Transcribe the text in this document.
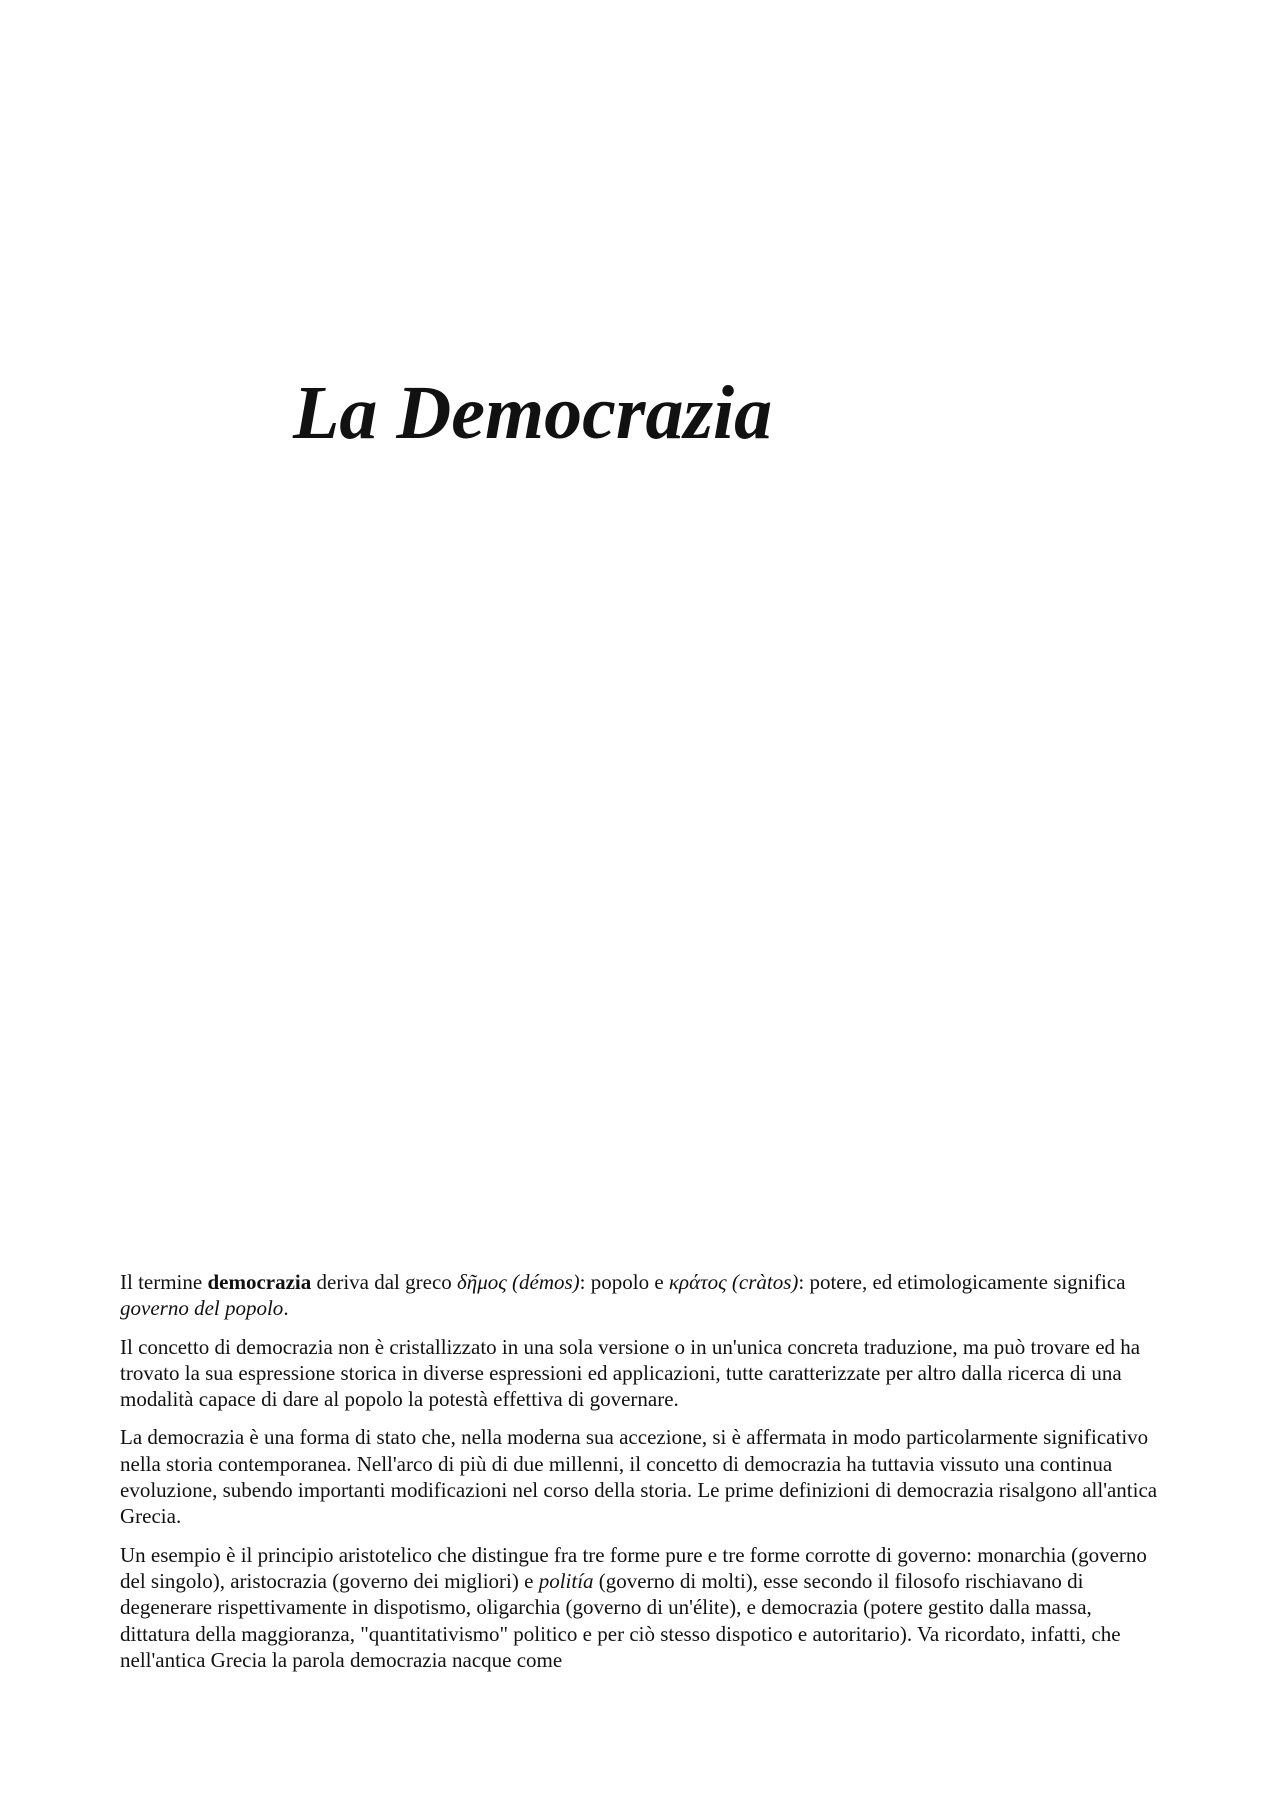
La Democrazia

Il termine democrazia deriva dal greco δῆμος (démos): popolo e κράτος (cràtos): potere, ed etimologicamente significa governo del popolo.

Il concetto di democrazia non è cristallizzato in una sola versione o in un'unica concreta traduzione, ma può trovare ed ha trovato la sua espressione storica in diverse espressioni ed applicazioni, tutte caratterizzate per altro dalla ricerca di una modalità capace di dare al popolo la potestà effettiva di governare.

La democrazia è una forma di stato che, nella moderna sua accezione, si è affermata in modo particolarmente significativo nella storia contemporanea. Nell'arco di più di due millenni, il concetto di democrazia ha tuttavia vissuto una continua evoluzione, subendo importanti modificazioni nel corso della storia. Le prime definizioni di democrazia risalgono all'antica Grecia.

Un esempio è il principio aristotelico che distingue fra tre forme pure e tre forme corrotte di governo: monarchia (governo del singolo), aristocrazia (governo dei migliori) e politía (governo di molti), esse secondo il filosofo rischiavano di degenerare rispettivamente in dispotismo, oligarchia (governo di un'élite), e democrazia (potere gestito dalla massa, dittatura della maggioranza, "quantitativismo" politico e per ciò stesso dispotico e autoritario). Va ricordato, infatti, che nell'antica Grecia la parola democrazia nacque come
